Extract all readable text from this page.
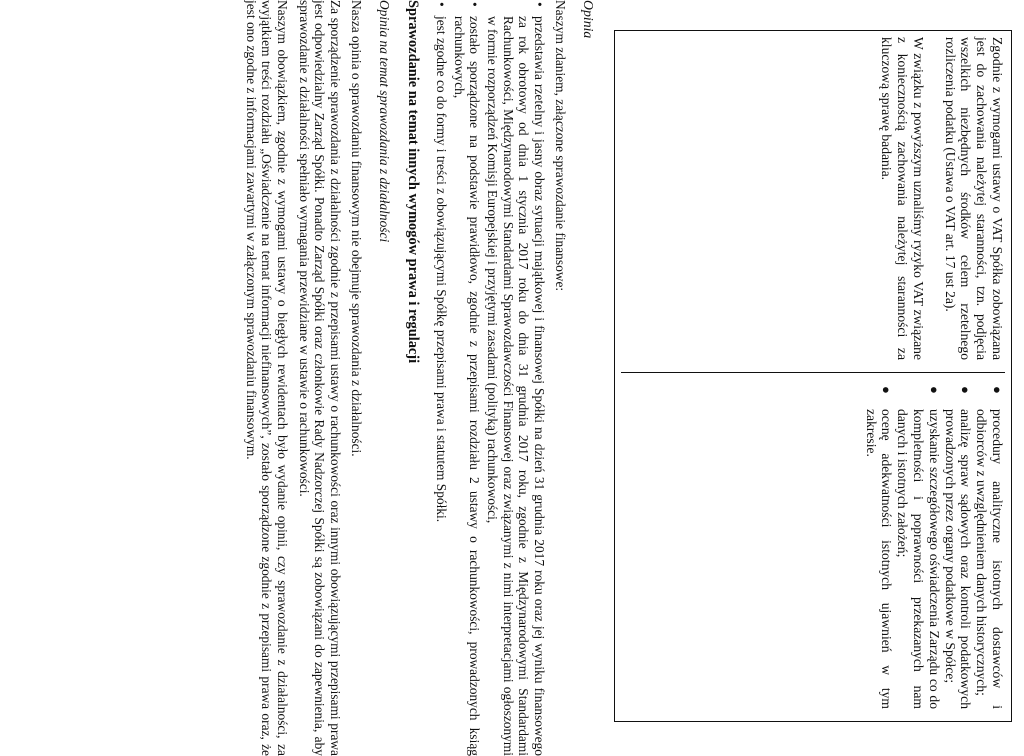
Zgodnie z wymogami ustawy o VAT Spółka zobowiązana jest do zachowania należytej staranności, tzn. podjęcia wszelkich niezbędnych środków celem rzetelnego rozliczenia podatku (Ustawa o VAT art. 17 ust 2a).

W związku z powyższym uznaliśmy ryzyko VAT związane z koniecznością zachowania należytej staranności za kluczową sprawę badania.

●
procedury analityczne istotnych dostawców i odbiorców z uwzględnieniem danych historycznych;
●
analizę spraw sądowych oraz kontroli podatkowych prowadzonych przez organy podatkowe w Spółce;
●
uzyskanie szczegółowego oświadczenia Zarządu co do kompletności i poprawności przekazanych nam danych i istotnych założeń;
●
ocenę adekwatności istotnych ujawnień w tym zakresie.
Opinia
Naszym zdaniem, załączone sprawozdanie finansowe:
•
przedstawia rzetelny i jasny obraz sytuacji majątkowej i finansowej Spółki na dzień 31 grudnia 2017 roku oraz jej wyniku finansowego za rok obrotowy od dnia 1 stycznia 2017 roku do dnia 31 grudnia 2017 roku, zgodnie z Międzynarodowymi Standardami Rachunkowości, Międzynarodowymi Standardami Sprawozdawczości Finansowej oraz związanymi z nimi interpretacjami ogłoszonymi w formie rozporządzeń Komisji Europejskiej i przyjętymi zasadami (polityką) rachunkowości,
•
zostało sporządzone na podstawie prawidłowo, zgodnie z przepisami rozdziału 2 ustawy o rachunkowości, prowadzonych ksiąg rachunkowych,
•
jest zgodne co do formy i treści z obowiązującymi Spółkę przepisami prawa i statutem Spółki.
Sprawozdanie na temat innych wymogów prawa i regulacji
Opinia na temat sprawozdania z działalności
Nasza opinia o sprawozdaniu finansowym nie obejmuje sprawozdania z działalności.
Za sporządzenie sprawozdania z działalności zgodnie z przepisami ustawy o rachunkowości oraz innymi obowiązującymi przepisami prawa jest odpowiedzialny Zarząd Spółki. Ponadto Zarząd Spółki oraz członkowie Rady Nadzorczej Spółki są zobowiązani do zapewnienia, aby sprawozdanie z działalności spełniało wymagania przewidziane w ustawie o rachunkowości.
Naszym obowiązkiem, zgodnie z wymogami ustawy o biegłych rewidentach było wydanie opinii, czy sprawozdanie z działalności, za wyjątkiem treści rozdziału „Oświadczenie na temat informacji niefinansowych”, zostało sporządzone zgodnie z przepisami prawa oraz, że jest ono zgodne z informacjami zawartymi w załączonym sprawozdaniu finansowym.
